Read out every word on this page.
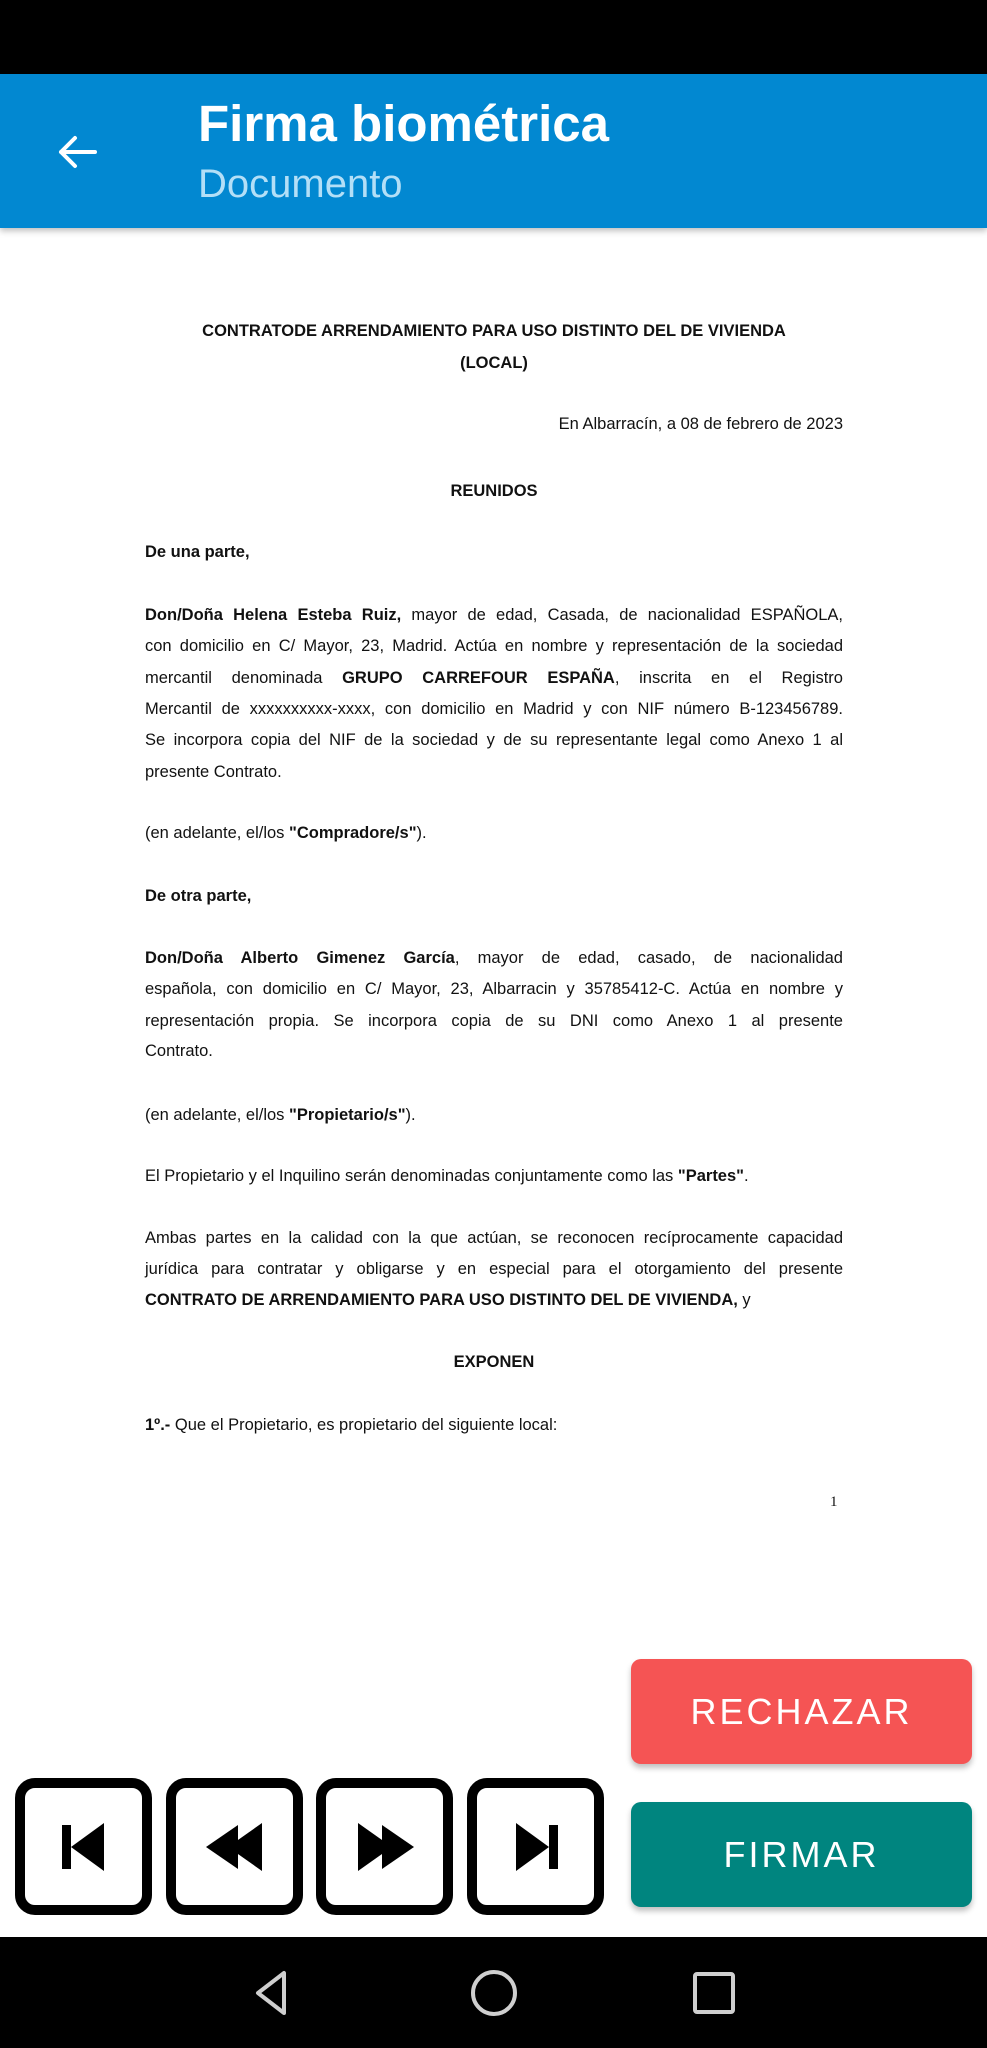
Firma biométrica
Documento
CONTRATODE ARRENDAMIENTO PARA USO DISTINTO DEL DE VIVIENDA
(LOCAL)
En Albarracín, a 08 de febrero de 2023
REUNIDOS
De una parte,
Don/Doña Helena Esteba Ruiz, mayor de edad, Casada, de nacionalidad ESPAÑOLA,
con domicilio en C/ Mayor, 23, Madrid. Actúa en nombre y representación de la sociedad
mercantil denominada GRUPO CARREFOUR ESPAÑA, inscrita en el Registro
Mercantil de xxxxxxxxxx-xxxx, con domicilio en Madrid y con NIF número B-123456789.
Se incorpora copia del NIF de la sociedad y de su representante legal como Anexo 1 al
presente Contrato.
(en adelante, el/los "Compradore/s").
De otra parte,
Don/Doña Alberto Gimenez García, mayor de edad, casado, de nacionalidad
española, con domicilio en C/ Mayor, 23, Albarracin y 35785412-C. Actúa en nombre y
representación propia. Se incorpora copia de su DNI como Anexo 1 al presente
Contrato.
(en adelante, el/los "Propietario/s").
El Propietario y el Inquilino serán denominadas conjuntamente como las "Partes".
Ambas partes en la calidad con la que actúan, se reconocen recíprocamente capacidad
jurídica para contratar y obligarse y en especial para el otorgamiento del presente
CONTRATO DE ARRENDAMIENTO PARA USO DISTINTO DEL DE VIVIENDA, y
EXPONEN
1º.- Que el Propietario, es propietario del siguiente local:
1
RECHAZAR
FIRMAR
